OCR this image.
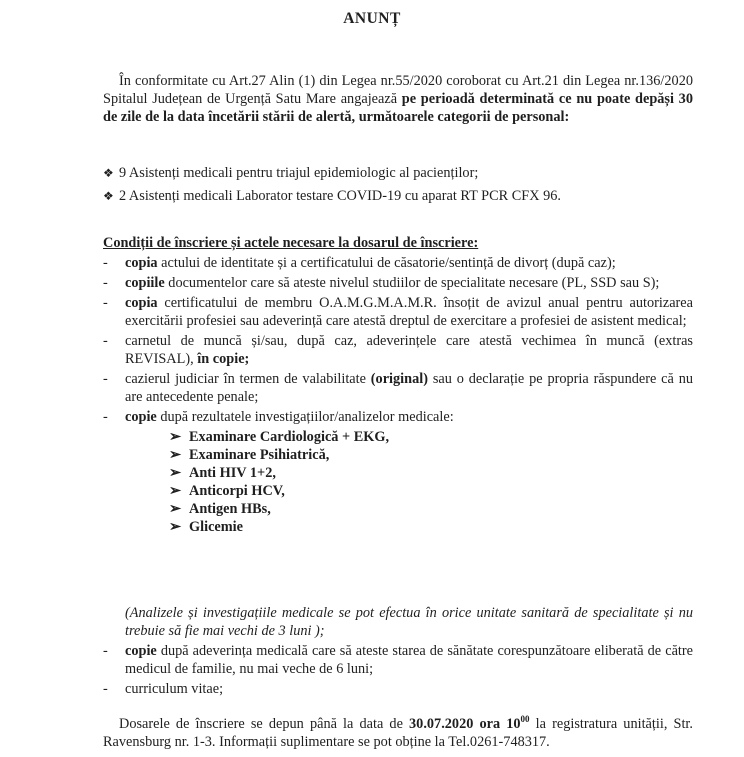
ANUNȚ

În conformitate cu Art.27 Alin (1) din Legea nr.55/2020 coroborat cu Art.21 din Legea nr.136/2020 Spitalul Județean de Urgență Satu Mare angajează pe perioadă determinată ce nu poate depăși 30 de zile de la data încetării stării de alertă, următoarele categorii de personal:

❖ 9 Asistenți medicali pentru triajul epidemiologic al pacienților;
❖ 2 Asistenți medicali Laborator testare COVID-19 cu aparat RT PCR CFX 96.
Condiții de înscriere și actele necesare la dosarul de înscriere:
- copia actului de identitate și a certificatului de căsatorie/sentință de divorț (după caz);
- copiile documentelor care să ateste nivelul studiilor de specialitate necesare (PL, SSD sau S);
- copia certificatului de membru O.A.M.G.M.A.M.R. însoțit de avizul anual pentru autorizarea exercitării profesiei sau adeverință care atestă dreptul de exercitare a profesiei de asistent medical;
- carnetul de muncă și/sau, după caz, adeverințele care atestă vechimea în muncă (extras REVISAL), în copie;
- cazierul judiciar în termen de valabilitate (original) sau o declarație pe propria răspundere că nu are antecedente penale;
- copie după rezultatele investigațiilor/analizelor medicale:
➢ Examinare Cardiologică + EKG,
➢ Examinare Psihiatrică,
➢ Anti HIV 1+2,
➢ Anticorpi HCV,
➢ Antigen HBs,
➢ Glicemie

(Analizele și investigațiile medicale se pot efectua în orice unitate sanitară de specialitate și nu trebuie să fie mai vechi de 3 luni );

- copie după adeverința medicală care să ateste starea de sănătate corespunzătoare eliberată de către medicul de familie, nu mai veche de 6 luni;
- curriculum vitae;

Dosarele de înscriere se depun până la data de 30.07.2020 ora $10^{00}$ la registratura unității, Str. Ravensburg nr. 1-3. Informații suplimentare se pot obține la Tel.0261-748317.
